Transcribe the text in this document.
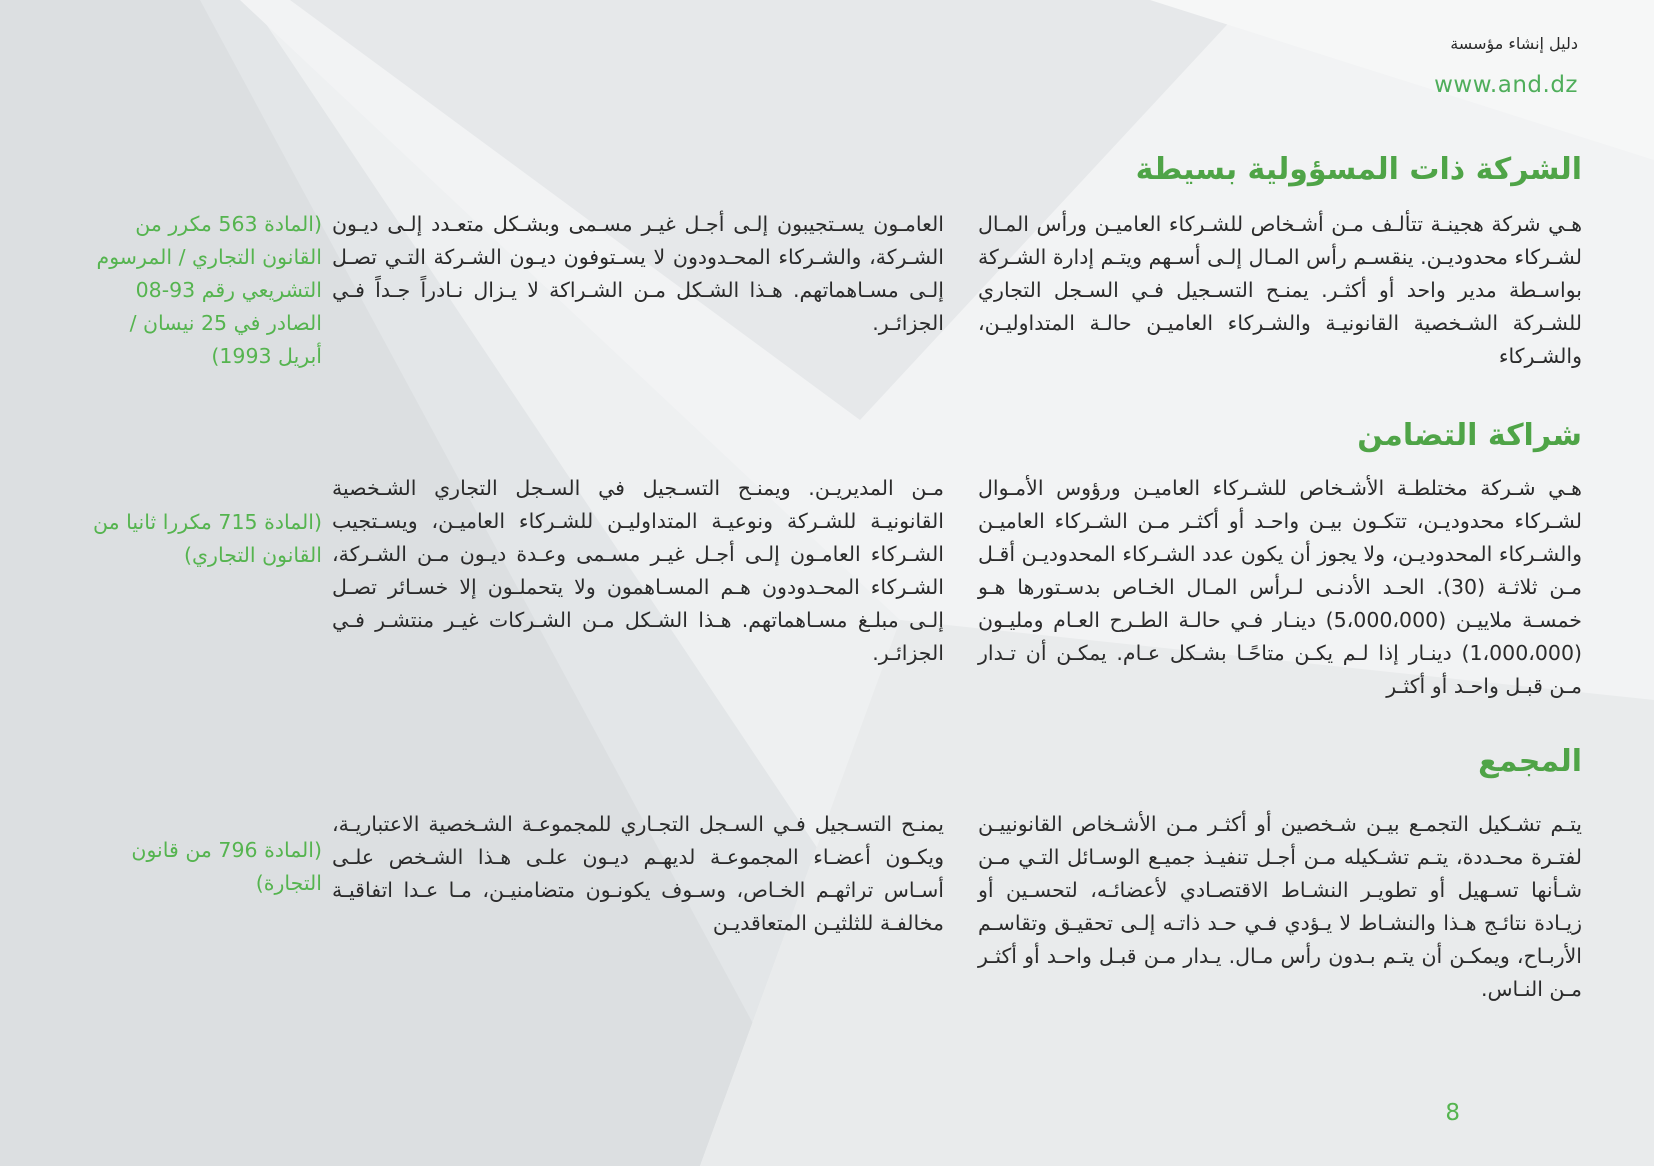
دليل إنشاء مؤسسة
www.and.dz
الشركة ذات المسؤولية بسيطة
هـي شركة هجينـة تتألـف مـن أشـخاص للشـركاء العاميـن ورأس المـال لشـركاء محدوديـن. ينقسـم رأس المـال إلـى أسـهم ويتـم إدارة الشـركة بواسـطة مدير واحد أو أكثـر. يمنـح التسـجيل فـي السـجل التجاري للشـركة الشـخصية القانونيـة والشـركاء العاميـن حالـة المتداوليـن، والشـركاء
العامـون يسـتجيبون إلـى أجـل غيـر مسـمى وبشـكل متعـدد إلـى ديـون الشـركة، والشـركاء المحـدودون لا يسـتوفون ديـون الشـركة التـي تصـل إلـى مسـاهماتهم. هـذا الشـكل مـن الشـراكة لا يـزال نـادراً جـداً فـي الجزائـر.
(المادة 563 مكرر من القانون التجاري / المرسوم التشريعي رقم 93-08 الصادر في 25 نيسان / أبريل 1993)
شراكة التضامن
هـي شـركة مختلطـة الأشـخاص للشـركاء العاميـن ورؤوس الأمـوال لشـركاء محدوديـن، تتكـون بيـن واحـد أو أكثـر مـن الشـركاء العاميـن والشـركاء المحدوديـن، ولا يجوز أن يكون عدد الشـركاء المحدوديـن أقـل مـن ثلاثـة (30). الحـد الأدنـى لـرأس المـال الخـاص بدسـتورها هـو خمسـة ملاييـن (5،000،000) دينـار فـي حالـة الطـرح العـام ومليـون (1،000،000) دينـار إذا لـم يكـن متاحًـا بشـكل عـام. يمكـن أن تـدار مـن قبـل واحـد أو أكثـر
مـن المديريـن. ويمنـح التسـجيل في السـجل التجاري الشـخصية القانونيـة للشـركة ونوعيـة المتداوليـن للشـركاء العاميـن، ويسـتجيب الشـركاء العامـون إلـى أجـل غيـر مسـمى وعـدة ديـون مـن الشـركة، الشـركاء المحـدودون هـم المسـاهمون ولا يتحملـون إلا خسـائر تصـل إلـى مبلـغ مسـاهماتهم. هـذا الشـكل مـن الشـركات غيـر منتشـر فـي الجزائـر.
(المادة 715 مكررا ثانيا من القانون التجاري)
المجمع
يتـم تشـكيل التجمـع بيـن شـخصين أو أكثـر مـن الأشـخاص القانونييـن لفتـرة محـددة، يتـم تشـكيله مـن أجـل تنفيـذ جميـع الوسـائل التـي مـن شـأنها تسـهيل أو تطويـر النشـاط الاقتصـادي لأعضائـه، لتحسـين أو زيـادة نتائـج هـذا والنشـاط لا يـؤدي فـي حـد ذاتـه إلـى تحقيـق وتقاسـم الأربـاح، ويمكـن أن يتـم بـدون رأس مـال. يـدار مـن قبـل واحـد أو أكثـر مـن النـاس.
يمنـح التسـجيل فـي السـجل التجـاري للمجموعـة الشـخصية الاعتباريـة، ويكـون أعضـاء المجموعـة لديهـم ديـون علـى هـذا الشـخص علـى أسـاس تراثهـم الخـاص، وسـوف يكونـون متضامنيـن، مـا عـدا اتفاقيـة مخالفـة للثلثيـن المتعاقديـن
(المادة 796 من قانون التجارة)
8
